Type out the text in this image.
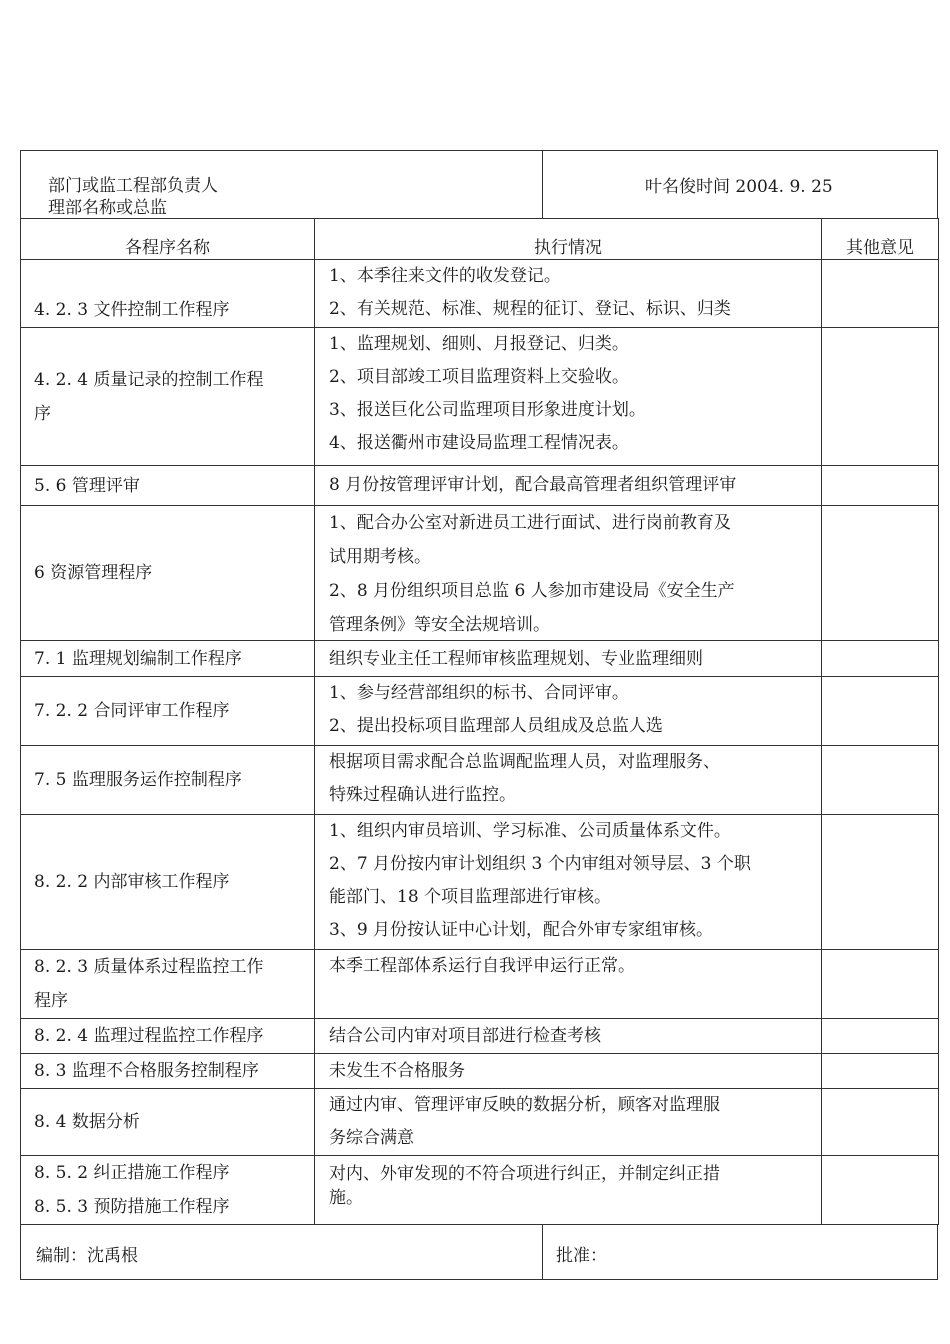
部门或监工程部负责人
理部名称或总监
叶名俊时间 2004. 9. 25
各程序名称	执行情况	其他意见

4. 2. 3 文件控制工作程序	1、本季往来文件的收发登记。
2、有关规范、标准、规程的征订、登记、标识、归类	

4. 2. 4 质量记录的控制工作程
序	1、监理规划、细则、月报登记、归类。
2、项目部竣工项目监理资料上交验收。
3、报送巨化公司监理项目形象进度计划。
4、报送衢州市建设局监理工程情况表。	

5. 6 管理评审	8 月份按管理评审计划，配合最高管理者组织管理评审	

6 资源管理程序	1、配合办公室对新进员工进行面试、进行岗前教育及
试用期考核。
2、8 月份组织项目总监 6 人参加市建设局《安全生产
管理条例》等安全法规培训。	

7. 1 监理规划编制工作程序	组织专业主任工程师审核监理规划、专业监理细则	

7. 2. 2 合同评审工作程序	1、参与经营部组织的标书、合同评审。
2、提出投标项目监理部人员组成及总监人选	

7. 5 监理服务运作控制程序	根据项目需求配合总监调配监理人员，对监理服务、
特殊过程确认进行监控。	

8. 2. 2 内部审核工作程序	1、组织内审员培训、学习标准、公司质量体系文件。
2、7 月份按内审计划组织 3 个内审组对领导层、3 个职
能部门、18 个项目监理部进行审核。
3、9 月份按认证中心计划，配合外审专家组审核。	

8. 2. 3 质量体系过程监控工作
程序	本季工程部体系运行自我评申运行正常。	

8. 2. 4 监理过程监控工作程序	结合公司内审对项目部进行检查考核	

8. 3 监理不合格服务控制程序	未发生不合格服务	

8. 4 数据分析	通过内审、管理评审反映的数据分析，顾客对监理服
务综合满意	

8. 5. 2 纠正措施工作程序
8. 5. 3 预防措施工作程序	对内、外审发现的不符合项进行纠正，并制定纠正措
施。	

编制：沈禹根	批准：
